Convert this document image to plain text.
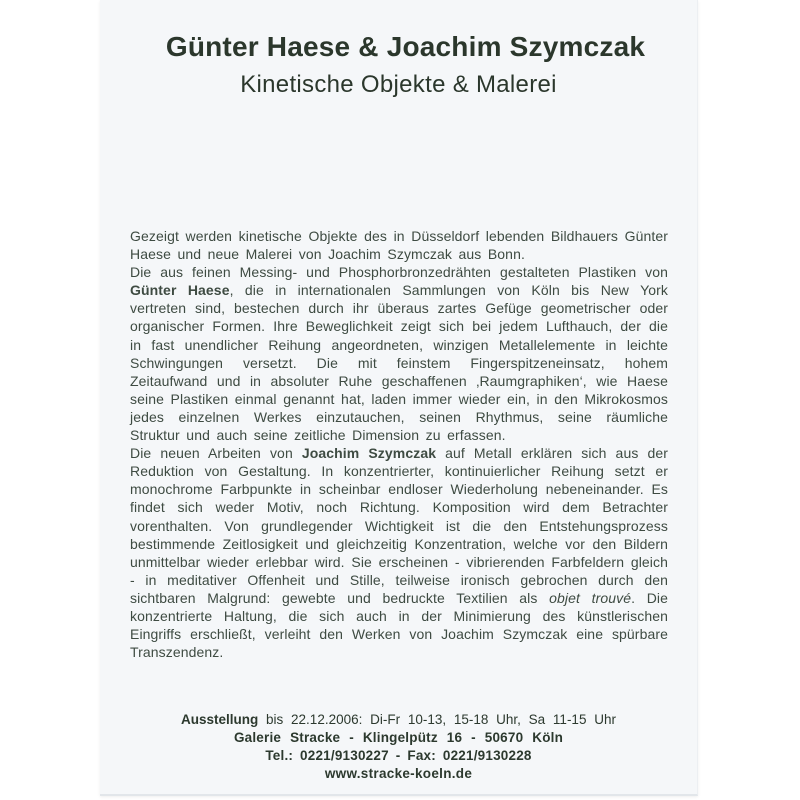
Günter Haese & Joachim Szymczak
Kinetische Objekte & Malerei

Gezeigt werden kinetische Objekte des in Düsseldorf lebenden Bildhauers Günter Haese und neue Malerei von Joachim Szymczak aus Bonn.

Die aus feinen Messing- und Phosphorbronzedrähten gestalteten Plastiken von Günter Haese, die in internationalen Sammlungen von Köln bis New York vertreten sind, bestechen durch ihr überaus zartes Gefüge geometrischer oder organischer Formen. Ihre Beweglichkeit zeigt sich bei jedem Lufthauch, der die in fast unendlicher Reihung angeordneten, winzigen Metallelemente in leichte Schwingungen versetzt. Die mit feinstem Fingerspitzeneinsatz, hohem Zeitaufwand und in absoluter Ruhe geschaffenen ‚Raumgraphiken‘, wie Haese seine Plastiken einmal genannt hat, laden immer wieder ein, in den Mikrokosmos jedes einzelnen Werkes einzutauchen, seinen Rhythmus, seine räumliche Struktur und auch seine zeitliche Dimension zu erfassen.

Die neuen Arbeiten von Joachim Szymczak auf Metall erklären sich aus der Reduktion von Gestaltung. In konzentrierter, kontinuierlicher Reihung setzt er monochrome Farbpunkte in scheinbar endloser Wiederholung nebeneinander. Es findet sich weder Motiv, noch Richtung. Komposition wird dem Betrachter vorenthalten. Von grundlegender Wichtigkeit ist die den Entstehungsprozess bestimmende Zeitlosigkeit und gleichzeitig Konzentration, welche vor den Bildern unmittelbar wieder erlebbar wird. Sie erscheinen - vibrierenden Farbfeldern gleich - in meditativer Offenheit und Stille, teilweise ironisch gebrochen durch den sichtbaren Malgrund: gewebte und bedruckte Textilien als objet trouvé. Die konzentrierte Haltung, die sich auch in der Minimierung des künstlerischen Eingriffs erschließt, verleiht den Werken von Joachim Szymczak eine spürbare Transzendenz.

Ausstellung bis 22.12.2006: Di-Fr 10-13, 15-18 Uhr, Sa 11-15 Uhr

Galerie Stracke - Klingelpütz 16 - 50670 Köln

Tel.: 0221/9130227 - Fax: 0221/9130228

www.stracke-koeln.de
